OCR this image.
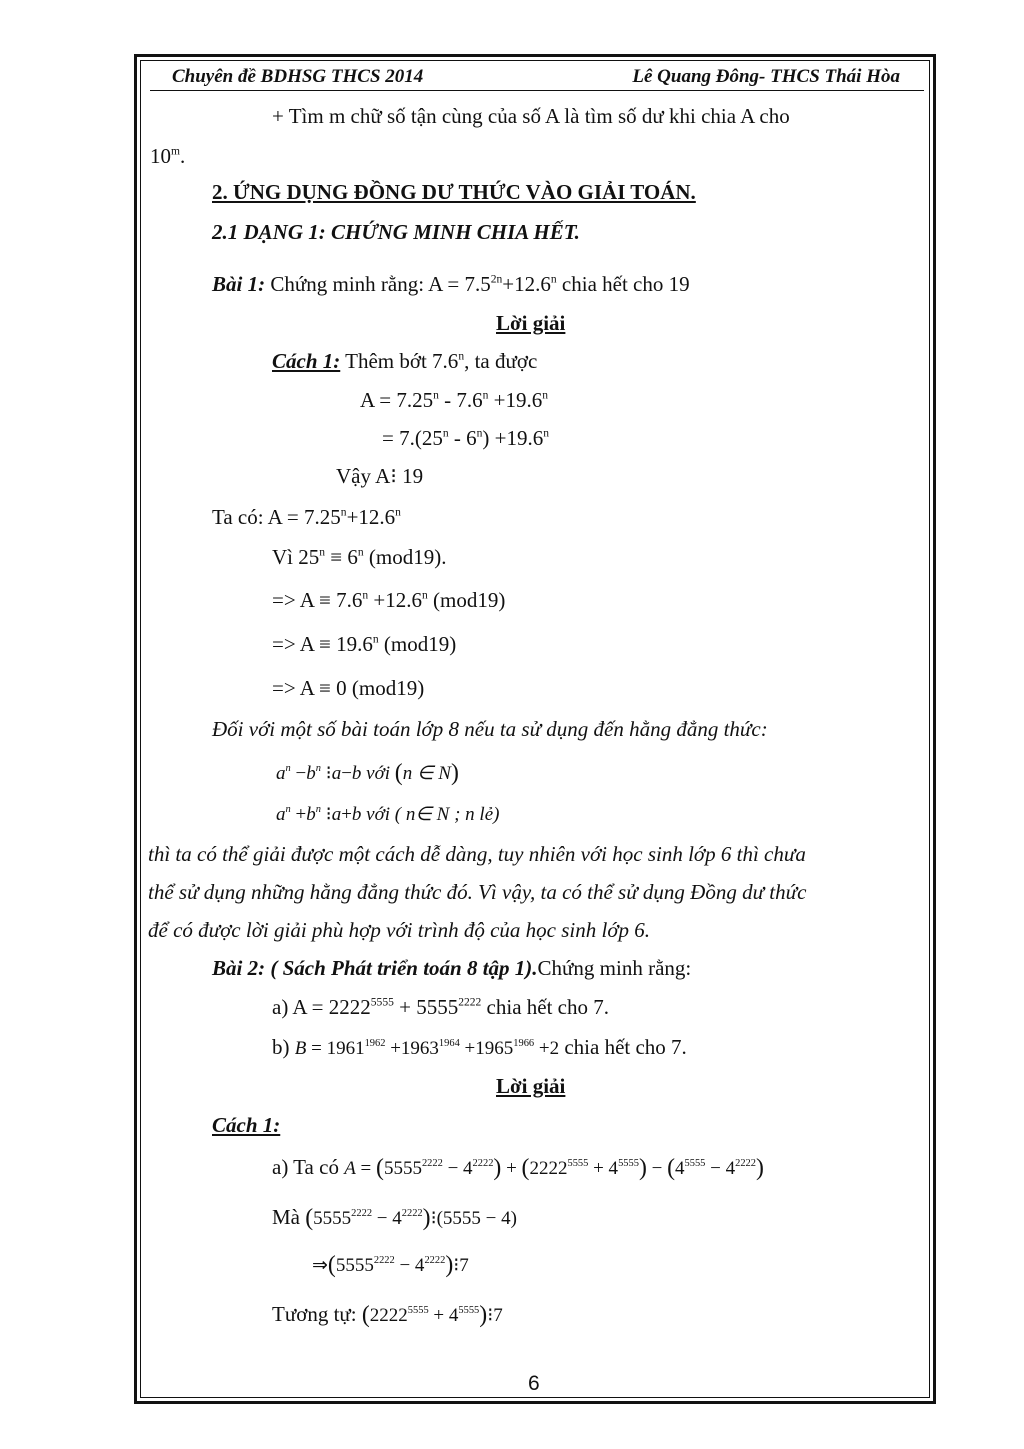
Chuyên đề BDHSG THCS 2014	Lê Quang Đông- THCS Thái Hòa
+ Tìm m chữ số tận cùng của số A là tìm số dư khi chia A cho
10$^m$.
2. ỨNG DỤNG ĐỒNG DƯ THỨC VÀO GIẢI TOÁN.
2.1 DẠNG 1: CHỨNG MINH CHIA HẾT.
Bài 1: Chứng minh rằng: $A = 7.5^{2n}+12.6^n$ chia hết cho 19
Lời giải
Cách 1: Thêm bớt 7.6$^n$, ta được
$A = 7.25^n - 7.6^n +19.6^n$
= $7.(25^n - 6^n) +19.6^n$
Vậy A⁝ 19
Ta có: $A = 7.25^n+12.6^n$
Vì $25^n \equiv 6^n$ (mod19).
=> $A \equiv 7.6^n +12.6^n$ (mod19)
=> $A \equiv 19.6^n$ (mod19)
=> A ≡ 0 (mod19)
Đối với một số bài toán lớp 8 nếu ta sử dụng đến hằng đẳng thức:
$a^n -b^n$ ⁝a−b với (n ∈ N)
$a^n +b^n$ ⁝a+b với ( n∈ N ; n lẻ)
thì ta có thể giải được một cách dễ dàng, tuy nhiên với học sinh lớp 6 thì chưa
thể sử dụng những hằng đẳng thức đó. Vì vậy, ta có thể sử dụng Đồng dư thức
để có được lời giải phù hợp với trình độ của học sinh lớp 6.
Bài 2: ( Sách Phát triển toán 8 tập 1).Chứng minh rằng:
a) $A = 2222^{5555} + 5555^{2222}$ chia hết cho 7.
b) $B = 1961^{1962} +1963^{1964} +1965^{1966} +2$ chia hết cho 7.
Lời giải
Cách 1:
a) Ta có $A = (5555^{2222} - 4^{2222}) + (2222^{5555} + 4^{5555}) - (4^{5555} - 4^{2222})$
Mà ($5555^{2222}$ − $4^{2222})⁝(5555 - 4)$
$\Rightarrow(5555^{2222}$ − $4^{2222})⁝7$
Tương tự: ($2222^{5555}$ + $4^{5555})⁝7$
6
